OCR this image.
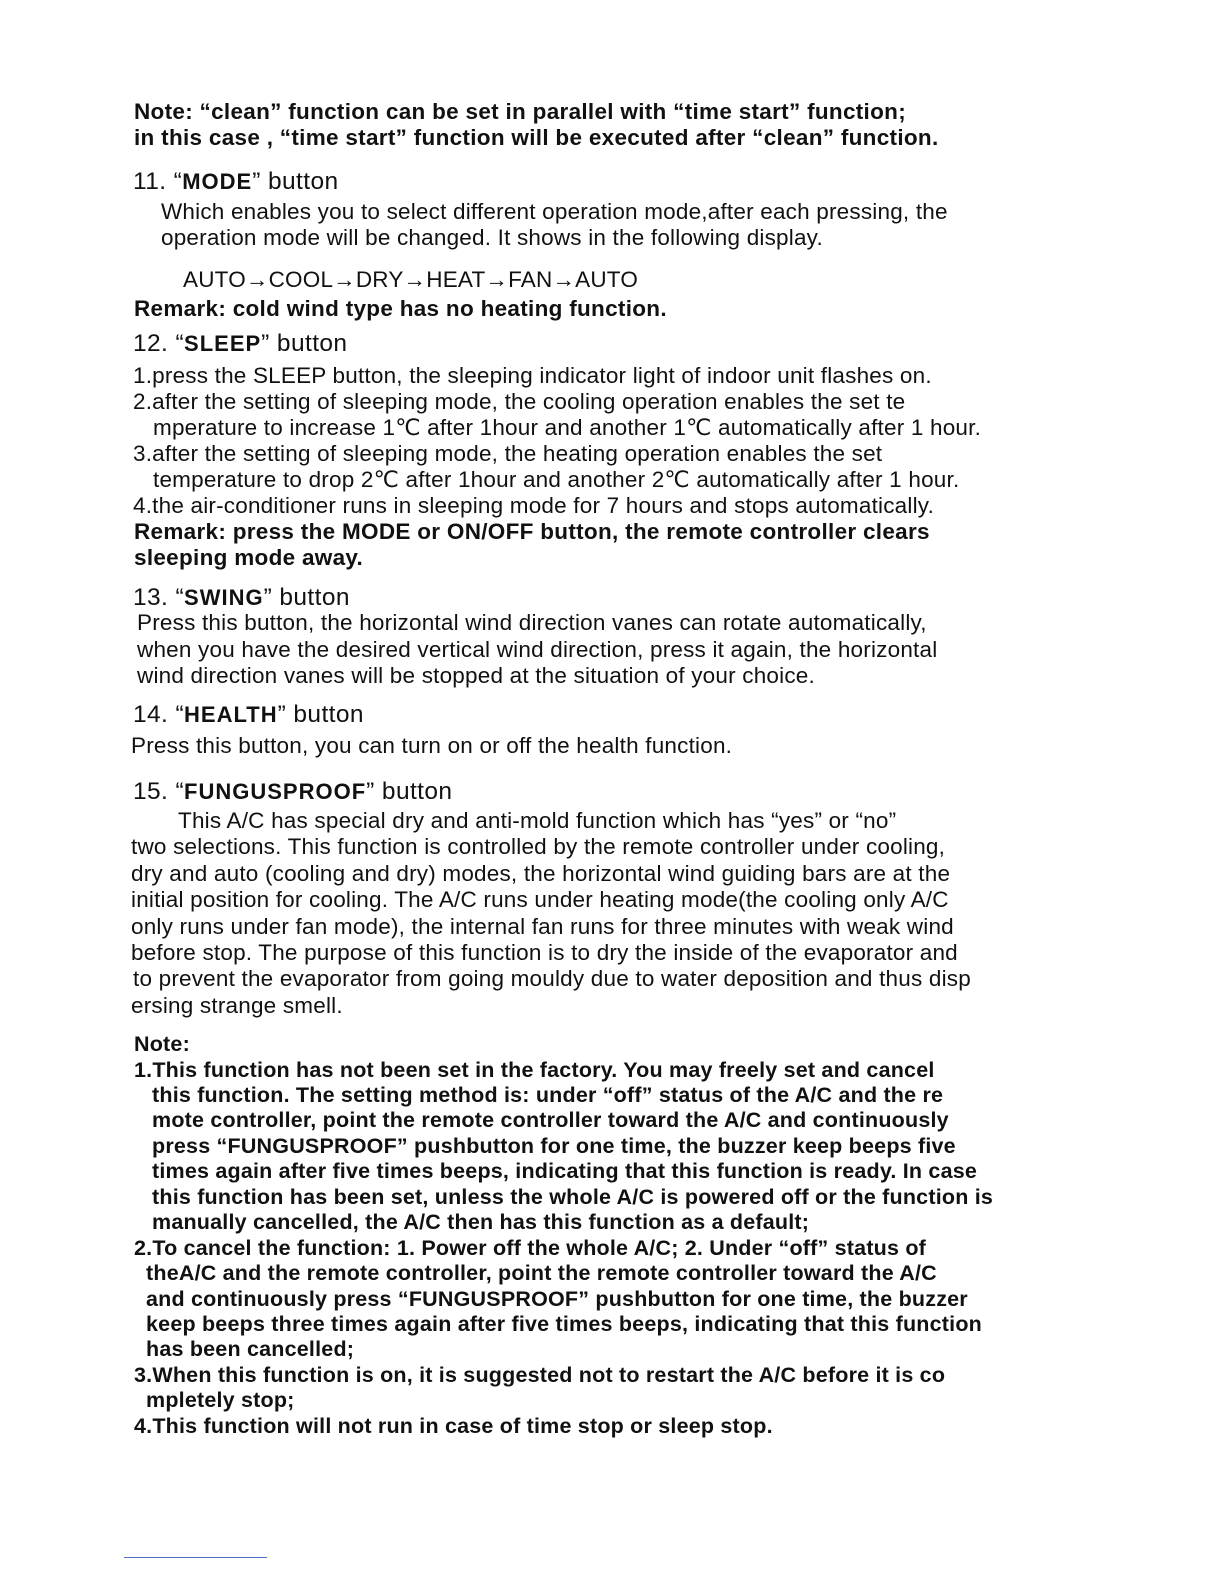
Note: “clean” function can be set in parallel with “time start” function;
in this case , “time start” function will be executed after “clean” function.
11. “MODE” button
Which enables you to select different operation mode,after each pressing, the
operation mode will be changed. It shows in the following display.
AUTO→COOL→DRY→HEAT→FAN→AUTO
Remark: cold wind type has no heating function.
12. “SLEEP” button
1.press the SLEEP button, the sleeping indicator light of indoor unit flashes on.
2.after the setting of sleeping mode, the cooling operation enables the set te
mperature to increase 1℃ after 1hour and another 1℃ automatically after 1 hour.
3.after the setting of sleeping mode, the heating operation enables the set
temperature to drop 2℃ after 1hour and another 2℃ automatically after 1 hour.
4.the air-conditioner runs in sleeping mode for 7 hours and stops automatically.
Remark: press the MODE or ON/OFF button, the remote controller clears
sleeping mode away.
13. “SWING” button
Press this button, the horizontal wind direction vanes can rotate automatically,
when you have the desired vertical wind direction, press it again, the horizontal
wind direction vanes will be stopped at the situation of your choice.
14. “HEALTH” button
Press this button, you can turn on or off the health function.
15. “FUNGUSPROOF” button
This A/C has special dry and anti-mold function which has “yes” or “no”
two selections. This function is controlled by the remote controller under cooling,
dry and auto (cooling and dry) modes, the horizontal wind guiding bars are at the
initial position for cooling. The A/C runs under heating mode(the cooling only A/C
only runs under fan mode), the internal fan runs for three minutes with weak wind
before stop. The purpose of this function is to dry the inside of the evaporator and
to prevent the evaporator from going mouldy due to water deposition and thus disp
ersing strange smell.
Note:
1.This function has not been set in the factory. You may freely set and cancel
this function. The setting method is: under “off” status of the A/C and the re
mote controller, point the remote controller toward the A/C and continuously
press “FUNGUSPROOF” pushbutton for one time, the buzzer keep beeps five
times again after five times beeps, indicating that this function is ready. In case
this function has been set, unless the whole A/C is powered off or the function is
manually cancelled, the A/C then has this function as a default;
2.To cancel the function: 1. Power off the whole A/C; 2. Under “off” status of
theA/C and the remote controller, point the remote controller toward the A/C
and continuously press “FUNGUSPROOF” pushbutton for one time, the buzzer
keep beeps three times again after five times beeps, indicating that this function
has been cancelled;
3.When this function is on, it is suggested not to restart the A/C before it is co
mpletely stop;
4.This function will not run in case of time stop or sleep stop.
